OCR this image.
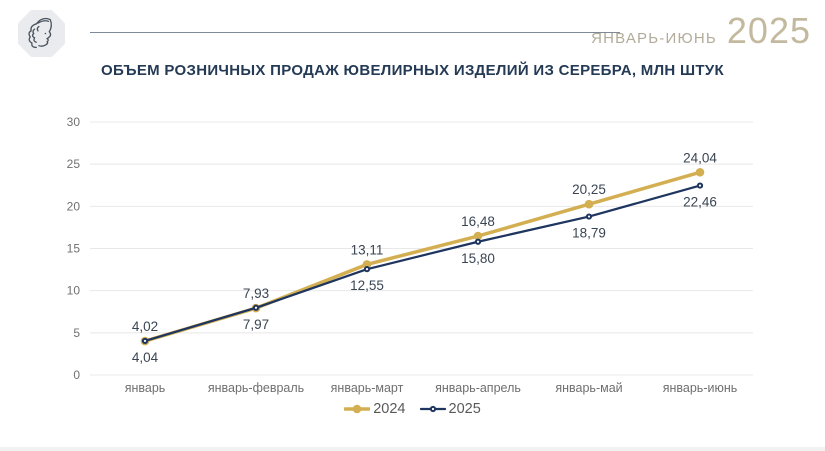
ЯНВАРЬ-ИЮНЬ 2025
ОБЪЕМ РОЗНИЧНЫХ ПРОДАЖ ЮВЕЛИРНЫХ ИЗДЕЛИЙ ИЗ СЕРЕБРА, МЛН ШТУК
0
5
10
15
20
25
30
январь	январь-февраль январь-март	январь-апрель	январь-май	январь-июнь
4,02
7,93
13,11
16,48
20,25
24,04
4,04
7,97
12,55
15,80
18,79
22,46
2024	2025
